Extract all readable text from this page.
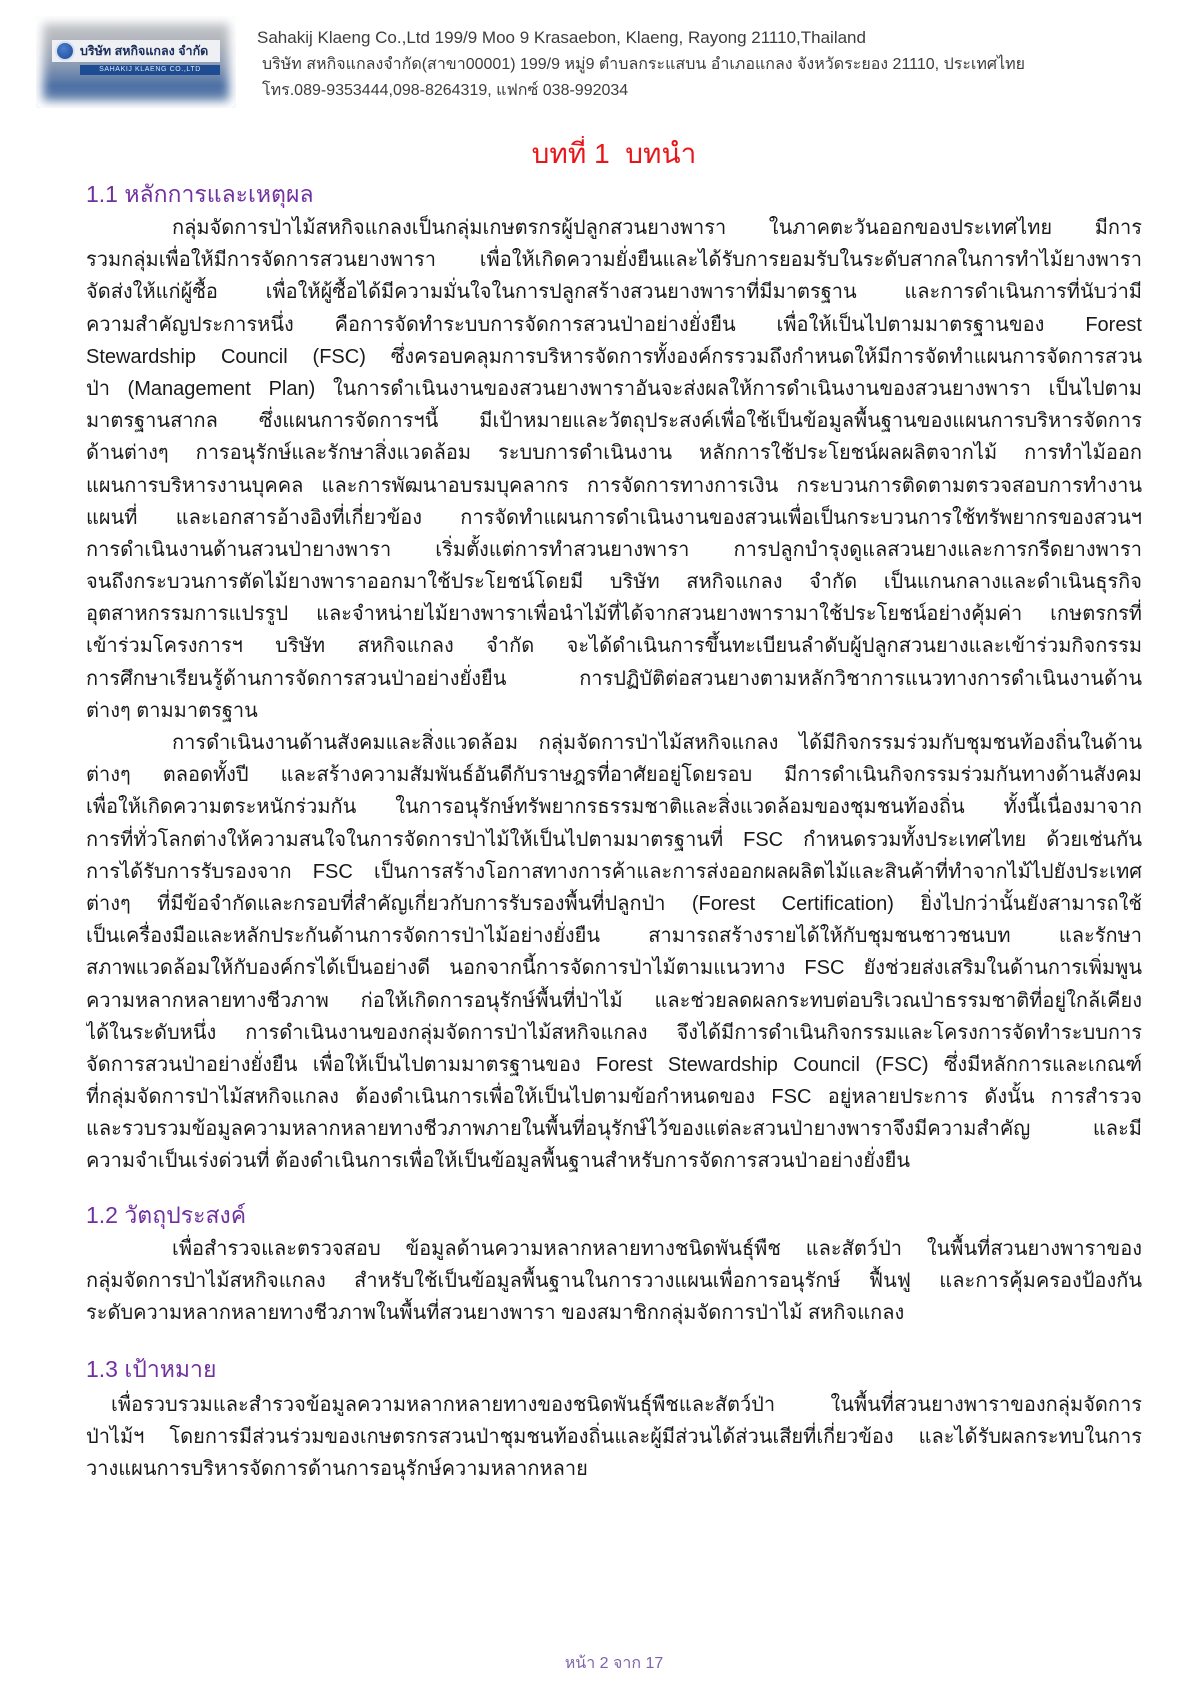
บริษัท สหกิจแกลง จำกัด
SAHAKIJ KLAENG CO.,LTD
Sahakij Klaeng Co.,Ltd 199/9 Moo 9 Krasaebon, Klaeng, Rayong 21110,Thailand
บริษัท สหกิจแกลงจำกัด(สาขา00001) 199/9 หมู่9 ตำบลกระแสบน อำเภอแกลง จังหวัดระยอง 21110, ประเทศไทย
โทร.089-9353444,098-8264319, แฟกซ์ 038-992034
บทที่ 1  บทนำ
1.1 หลักการและเหตุผล
กลุ่มจัดการป่าไม้สหกิจแกลงเป็นกลุ่มเกษตรกรผู้ปลูกสวนยางพารา ในภาคตะวันออกของประเทศไทย มีการ
รวมกลุ่มเพื่อให้มีการจัดการสวนยางพารา เพื่อให้เกิดความยั่งยืนและได้รับการยอมรับในระดับสากลในการทำไม้ยางพารา
จัดส่งให้แก่ผู้ซื้อ เพื่อให้ผู้ซื้อได้มีความมั่นใจในการปลูกสร้างสวนยางพาราที่มีมาตรฐาน และการดำเนินการที่นับว่ามี
ความสำคัญประการหนึ่ง คือการจัดทำระบบการจัดการสวนป่าอย่างยั่งยืน เพื่อให้เป็นไปตามมาตรฐานของ Forest
Stewardship Council (FSC) ซึ่งครอบคลุมการบริหารจัดการทั้งองค์กรรวมถึงกำหนดให้มีการจัดทำแผนการจัดการสวน
ป่า (Management Plan) ในการดำเนินงานของสวนยางพาราอันจะส่งผลให้การดำเนินงานของสวนยางพารา เป็นไปตาม
มาตรฐานสากล ซึ่งแผนการจัดการฯนี้ มีเป้าหมายและวัตถุประสงค์เพื่อใช้เป็นข้อมูลพื้นฐานของแผนการบริหารจัดการ
ด้านต่างๆ การอนุรักษ์และรักษาสิ่งแวดล้อม ระบบการดำเนินงาน หลักการใช้ประโยชน์ผลผลิตจากไม้ การทำไม้ออก
แผนการบริหารงานบุคคล และการพัฒนาอบรมบุคลากร การจัดการทางการเงิน กระบวนการติดตามตรวจสอบการทำงาน
แผนที่ และเอกสารอ้างอิงที่เกี่ยวข้อง การจัดทำแผนการดำเนินงานของสวนเพื่อเป็นกระบวนการใช้ทรัพยากรของสวนฯ
การดำเนินงานด้านสวนป่ายางพารา เริ่มตั้งแต่การทำสวนยางพารา การปลูกบำรุงดูแลสวนยางและการกรีดยางพารา
จนถึงกระบวนการตัดไม้ยางพาราออกมาใช้ประโยชน์โดยมี บริษัท สหกิจแกลง จำกัด เป็นแกนกลางและดำเนินธุรกิจ
อุตสาหกรรมการแปรรูป และจำหน่ายไม้ยางพาราเพื่อนำไม้ที่ได้จากสวนยางพารามาใช้ประโยชน์อย่างคุ้มค่า เกษตรกรที่
เข้าร่วมโครงการฯ บริษัท สหกิจแกลง จำกัด จะได้ดำเนินการขึ้นทะเบียนลำดับผู้ปลูกสวนยางและเข้าร่วมกิจกรรม
การศึกษาเรียนรู้ด้านการจัดการสวนป่าอย่างยั่งยืน การปฏิบัติต่อสวนยางตามหลักวิชาการแนวทางการดำเนินงานด้าน
ต่างๆ ตามมาตรฐาน
การดำเนินงานด้านสังคมและสิ่งแวดล้อม กลุ่มจัดการป่าไม้สหกิจแกลง ได้มีกิจกรรมร่วมกับชุมชนท้องถิ่นในด้าน
ต่างๆ ตลอดทั้งปี และสร้างความสัมพันธ์อันดีกับราษฎรที่อาศัยอยู่โดยรอบ มีการดำเนินกิจกรรมร่วมกันทางด้านสังคม
เพื่อให้เกิดความตระหนักร่วมกัน ในการอนุรักษ์ทรัพยากรธรรมชาติและสิ่งแวดล้อมของชุมชนท้องถิ่น ทั้งนี้เนื่องมาจาก
การที่ทั่วโลกต่างให้ความสนใจในการจัดการป่าไม้ให้เป็นไปตามมาตรฐานที่ FSC กำหนดรวมทั้งประเทศไทย ด้วยเช่นกัน
การได้รับการรับรองจาก FSC เป็นการสร้างโอกาสทางการค้าและการส่งออกผลผลิตไม้และสินค้าที่ทำจากไม้ไปยังประเทศ
ต่างๆ ที่มีข้อจำกัดและกรอบที่สำคัญเกี่ยวกับการรับรองพื้นที่ปลูกป่า (Forest Certification) ยิ่งไปกว่านั้นยังสามารถใช้
เป็นเครื่องมือและหลักประกันด้านการจัดการป่าไม้อย่างยั่งยืน สามารถสร้างรายได้ให้กับชุมชนชาวชนบท และรักษา
สภาพแวดล้อมให้กับองค์กรได้เป็นอย่างดี นอกจากนี้การจัดการป่าไม้ตามแนวทาง FSC ยังช่วยส่งเสริมในด้านการเพิ่มพูน
ความหลากหลายทางชีวภาพ ก่อให้เกิดการอนุรักษ์พื้นที่ป่าไม้ และช่วยลดผลกระทบต่อบริเวณป่าธรรมชาติที่อยู่ใกล้เคียง
ได้ในระดับหนึ่ง การดำเนินงานของกลุ่มจัดการป่าไม้สหกิจแกลง จึงได้มีการดำเนินกิจกรรมและโครงการจัดทำระบบการ
จัดการสวนป่าอย่างยั่งยืน เพื่อให้เป็นไปตามมาตรฐานของ Forest Stewardship Council (FSC) ซึ่งมีหลักการและเกณฑ์
ที่กลุ่มจัดการป่าไม้สหกิจแกลง ต้องดำเนินการเพื่อให้เป็นไปตามข้อกำหนดของ FSC อยู่หลายประการ ดังนั้น การสำรวจ
และรวบรวมข้อมูลความหลากหลายทางชีวภาพภายในพื้นที่อนุรักษ์ไว้ของแต่ละสวนป่ายางพาราจึงมีความสำคัญ และมี
ความจำเป็นเร่งด่วนที่ ต้องดำเนินการเพื่อให้เป็นข้อมูลพื้นฐานสำหรับการจัดการสวนป่าอย่างยั่งยืน
1.2 วัตถุประสงค์
เพื่อสำรวจและตรวจสอบ ข้อมูลด้านความหลากหลายทางชนิดพันธุ์พืช และสัตว์ป่า ในพื้นที่สวนยางพาราของ
กลุ่มจัดการป่าไม้สหกิจแกลง สำหรับใช้เป็นข้อมูลพื้นฐานในการวางแผนเพื่อการอนุรักษ์ ฟื้นฟู และการคุ้มครองป้องกัน
ระดับความหลากหลายทางชีวภาพในพื้นที่สวนยางพารา ของสมาชิกกลุ่มจัดการป่าไม้ สหกิจแกลง
1.3 เป้าหมาย
เพื่อรวบรวมและสำรวจข้อมูลความหลากหลายทางของชนิดพันธุ์พืชและสัตว์ป่า ในพื้นที่สวนยางพาราของกลุ่มจัดการ
ป่าไม้ฯ โดยการมีส่วนร่วมของเกษตรกรสวนป่าชุมชนท้องถิ่นและผู้มีส่วนได้ส่วนเสียที่เกี่ยวข้อง และได้รับผลกระทบในการ
วางแผนการบริหารจัดการด้านการอนุรักษ์ความหลากหลาย
หน้า 2 จาก 17
